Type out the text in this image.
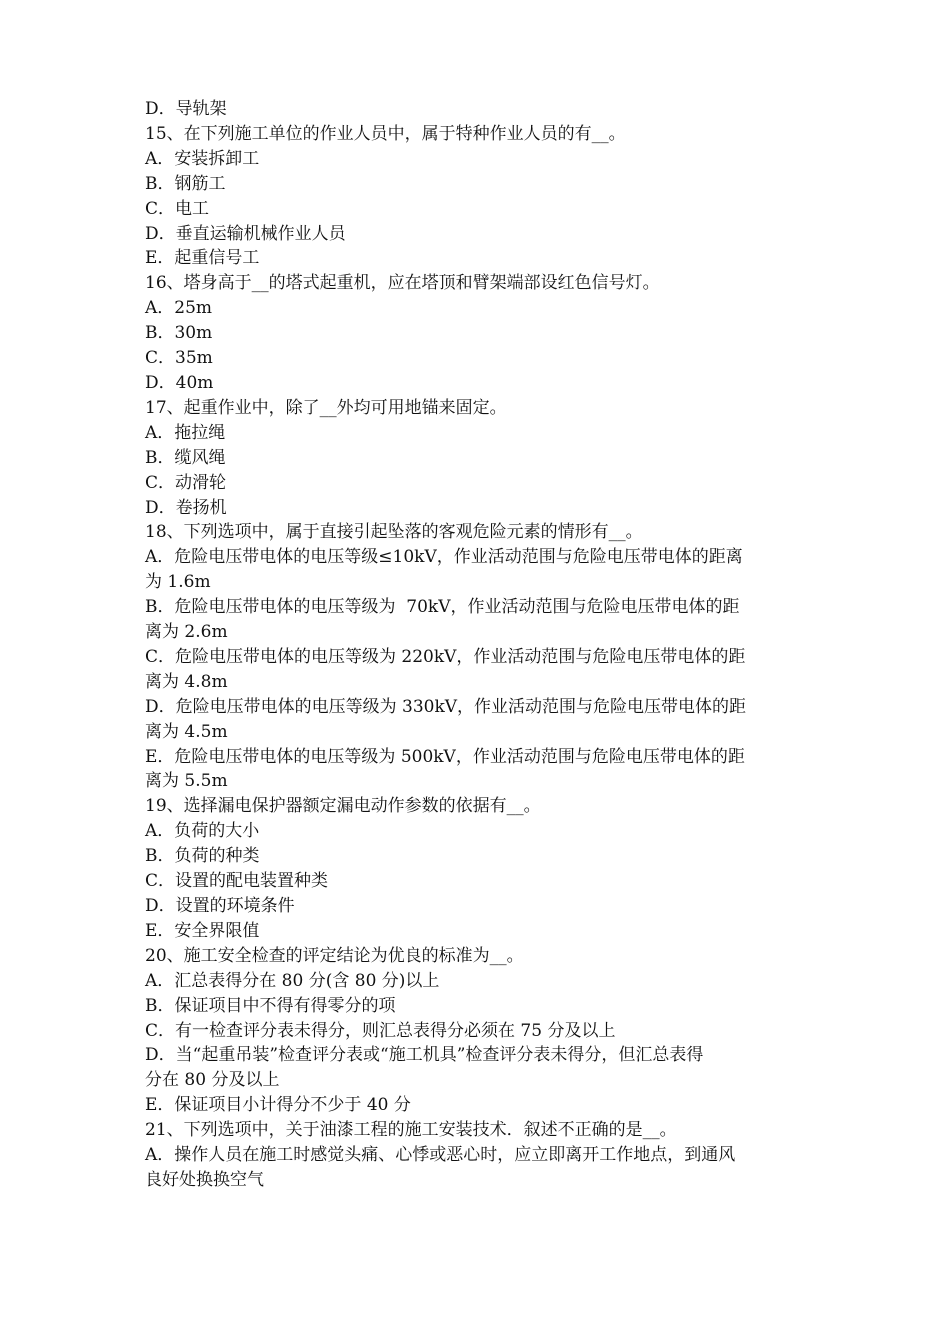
D．导轨架
15、在下列施工单位的作业人员中，属于特种作业人员的有__。
A．安装拆卸工
B．钢筋工
C．电工
D．垂直运输机械作业人员
E．起重信号工
16、塔身高于__的塔式起重机，应在塔顶和臂架端部设红色信号灯。
A．25m
B．30m
C．35m
D．40m
17、起重作业中，除了__外均可用地锚来固定。
A．拖拉绳
B．缆风绳
C．动滑轮
D．卷扬机
18、下列选项中，属于直接引起坠落的客观危险元素的情形有__。
A．危险电压带电体的电压等级≤10kV，作业活动范围与危险电压带电体的距离
为 1.6m
B．危险电压带电体的电压等级为  70kV，作业活动范围与危险电压带电体的距
离为 2.6m
C．危险电压带电体的电压等级为 220kV，作业活动范围与危险电压带电体的距
离为 4.8m
D．危险电压带电体的电压等级为 330kV，作业活动范围与危险电压带电体的距
离为 4.5m
E．危险电压带电体的电压等级为 500kV，作业活动范围与危险电压带电体的距
离为 5.5m
19、选择漏电保护器额定漏电动作参数的依据有__。
A．负荷的大小
B．负荷的种类
C．设置的配电装置种类
D．设置的环境条件
E．安全界限值
20、施工安全检查的评定结论为优良的标准为__。
A．汇总表得分在 80 分(含 80 分)以上
B．保证项目中不得有得零分的项
C．有一检查评分表未得分，则汇总表得分必须在 75 分及以上
D．当“起重吊装”检查评分表或“施工机具”检查评分表未得分，但汇总表得
分在 80 分及以上
E．保证项目小计得分不少于 40 分
21、下列选项中，关于油漆工程的施工安装技术．叙述不正确的是__。
A．操作人员在施工时感觉头痛、心悸或恶心时，应立即离开工作地点，到通风
良好处换换空气
